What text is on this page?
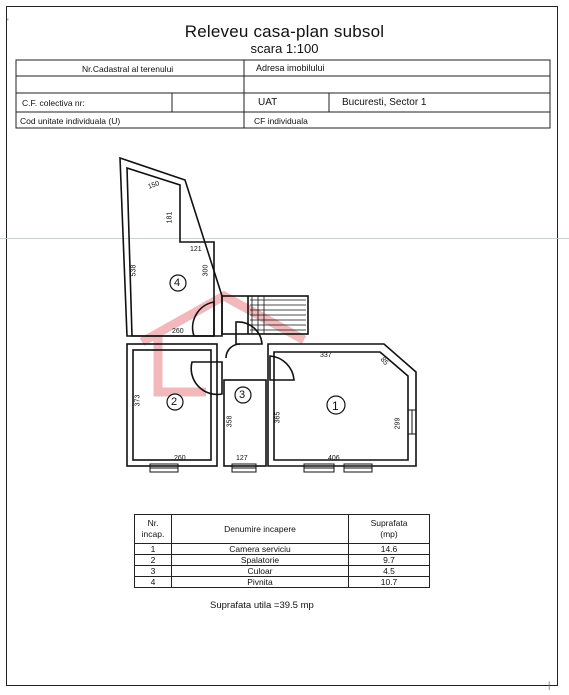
'	Releveu casa-plan subsol
scara 1:100
Nr.Cadastral al terenului	Adresa imobilului
C.F. colectiva nr:	UAT	Bucuresti, Sector 1
Cod unitate individuala (U)	CF individuala
4
2
3
1
150
181
121
538	300
260
373
358	365
337
85
299
260	127	406
Nr.
incap.	Denumire incapere	Suprafata
(mp)
1	Camera serviciu	14.6
2	Spalatorie	9.7
3	Culoar	4.5
4	Pivnita	10.7
Suprafata utila =39.5 mp
|
